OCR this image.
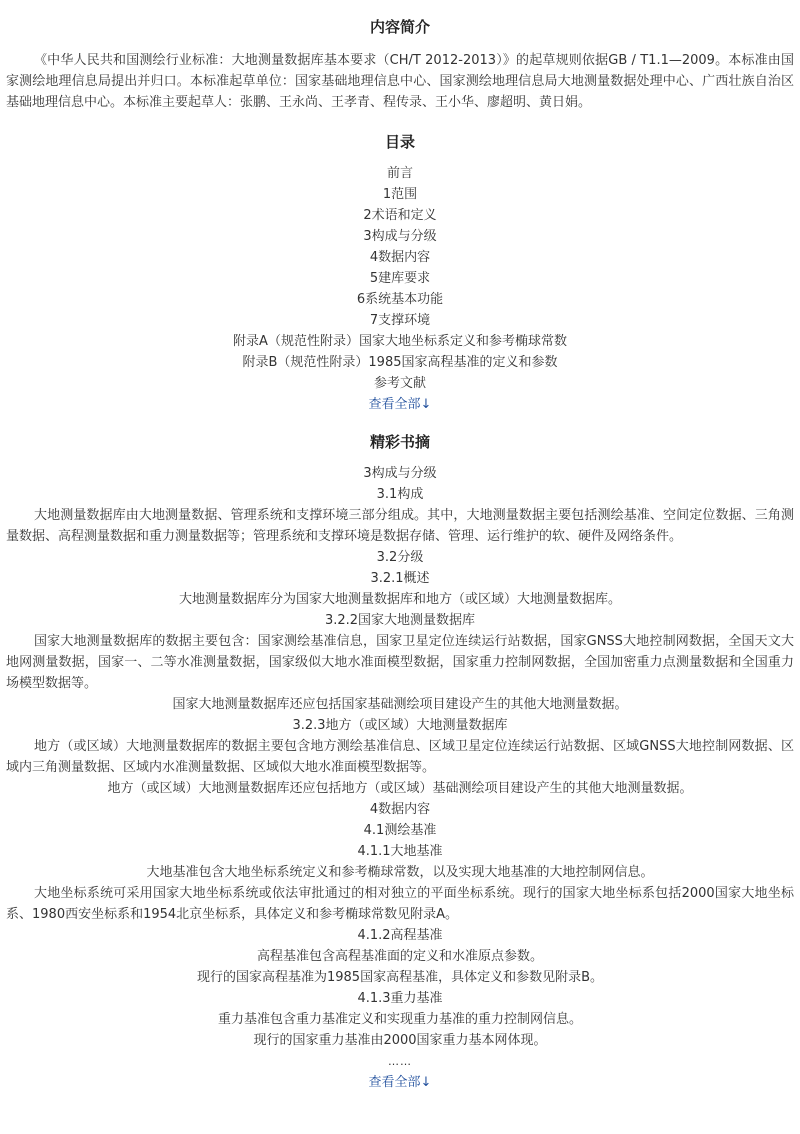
内容简介

《中华人民共和国测绘行业标准：大地测量数据库基本要求（CH/T 2012-2013）》的起草规则依据GB / T1.1—2009。本标准由国家测绘地理信息局提出并归口。本标准起草单位：国家基础地理信息中心、国家测绘地理信息局大地测量数据处理中心、广西壮族自治区基础地理信息中心。本标准主要起草人：张鹏、王永尚、王孝青、程传录、王小华、廖超明、黄日娟。

目录
前言
1范围
2术语和定义
3构成与分级
4数据内容
5建库要求
6系统基本功能
7支撑环境
附录A（规范性附录）国家大地坐标系定义和参考椭球常数
附录B（规范性附录）1985国家高程基准的定义和参数
参考文献
查看全部↓
精彩书摘

3构成与分级

3.1构成

大地测量数据库由大地测量数据、管理系统和支撑环境三部分组成。其中，大地测量数据主要包括测绘基准、空间定位数据、三角测量数据、高程测量数据和重力测量数据等；管理系统和支撑环境是数据存储、管理、运行维护的软、硬件及网络条件。

3.2分级

3.2.1概述

大地测量数据库分为国家大地测量数据库和地方（或区域）大地测量数据库。

3.2.2国家大地测量数据库

国家大地测量数据库的数据主要包含：国家测绘基准信息，国家卫星定位连续运行站数据，国家GNSS大地控制网数据，全国天文大地网测量数据，国家一、二等水准测量数据，国家级似大地水准面模型数据，国家重力控制网数据，全国加密重力点测量数据和全国重力场模型数据等。

国家大地测量数据库还应包括国家基础测绘项目建设产生的其他大地测量数据。

3.2.3地方（或区域）大地测量数据库

地方（或区域）大地测量数据库的数据主要包含地方测绘基准信息、区域卫星定位连续运行站数据、区域GNSS大地控制网数据、区域内三角测量数据、区域内水准测量数据、区域似大地水准面模型数据等。

地方（或区域）大地测量数据库还应包括地方（或区域）基础测绘项目建设产生的其他大地测量数据。

4数据内容

4.1测绘基准

4.1.1大地基准

大地基准包含大地坐标系统定义和参考椭球常数，以及实现大地基准的大地控制网信息。

大地坐标系统可采用国家大地坐标系统或依法审批通过的相对独立的平面坐标系统。现行的国家大地坐标系包括2000国家大地坐标系、1980西安坐标系和1954北京坐标系，具体定义和参考椭球常数见附录A。

4.1.2高程基准

高程基准包含高程基准面的定义和水准原点参数。

现行的国家高程基准为1985国家高程基准，具体定义和参数见附录B。

4.1.3重力基准

重力基准包含重力基准定义和实现重力基准的重力控制网信息。

现行的国家重力基准由2000国家重力基本网体现。

……

查看全部↓
